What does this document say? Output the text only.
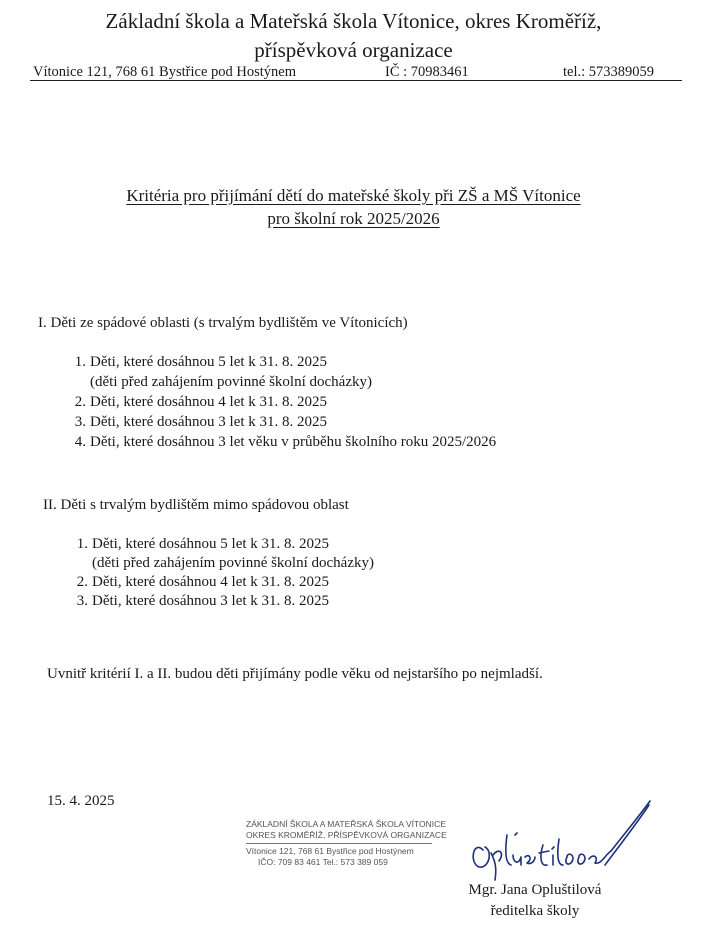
Základní škola a Mateřská škola Vítonice, okres Kroměříž,
příspěvková organizace
Vítonice 121, 768 61 Bystřice pod Hostýnem	IČ : 70983461	tel.: 573389059
Kritéria pro přijímání dětí do mateřské školy při ZŠ a MŠ Vítonice
pro školní rok 2025/2026
I. Děti ze spádové oblasti (s trvalým bydlištěm ve Vítonicích)
1. Děti, které dosáhnou 5 let k 31. 8. 2025
(děti před zahájením povinné školní docházky)
2. Děti, které dosáhnou 4 let k 31. 8. 2025
3. Děti, které dosáhnou 3 let k 31. 8. 2025
4. Děti, které dosáhnou 3 let věku v průběhu školního roku 2025/2026
II. Děti s trvalým bydlištěm mimo spádovou oblast
1. Děti, které dosáhnou 5 let k 31. 8. 2025
(děti před zahájením povinné školní docházky)
2. Děti, které dosáhnou 4 let k 31. 8. 2025
3. Děti, které dosáhnou 3 let k 31. 8. 2025
Uvnitř kritérií I. a II. budou děti přijímány podle věku od nejstaršího po nejmladší.
15. 4. 2025
ZÁKLADNÍ ŠKOLA A MATEŘSKÁ ŠKOLA VÍTONICE
OKRES KROMĚŘÍŽ, PŘÍSPĚVKOVÁ ORGANIZACE
Vítonice 121, 768 61 Bystřice pod Hostýnem
IČO: 709 83 461 Tel.: 573 389 059
Mgr. Jana Opluštilová
ředitelka školy
